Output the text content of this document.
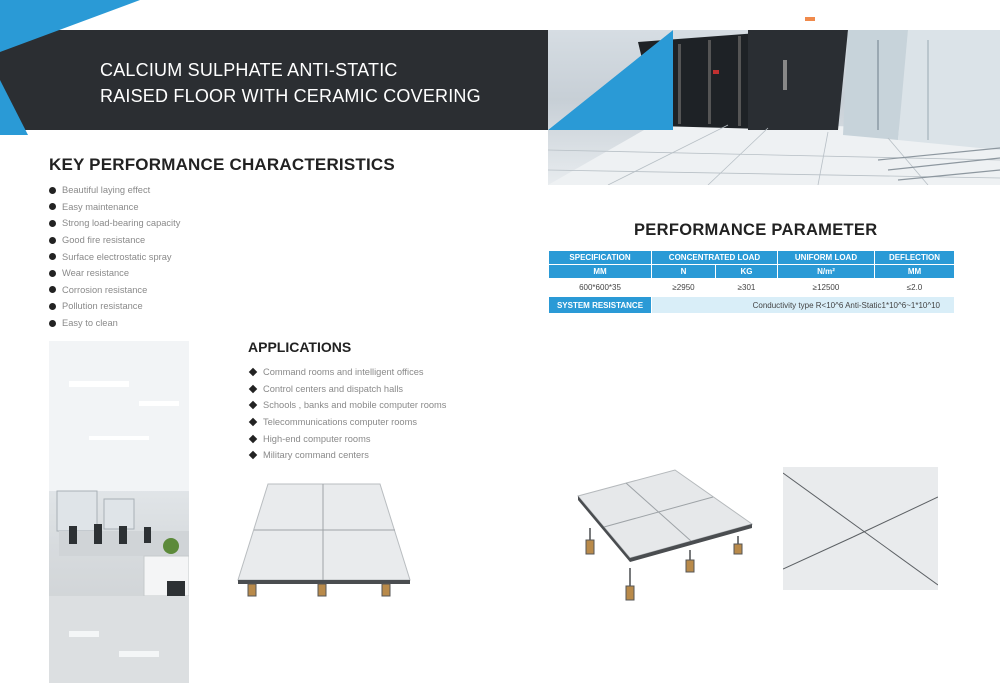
CALCIUM SULPHATE ANTI-STATIC
RAISED FLOOR WITH CERAMIC COVERING
KEY PERFORMANCE CHARACTERISTICS
Beautiful laying effect
Easy maintenance
Strong load-bearing capacity
Good fire resistance
Surface electrostatic spray
Wear resistance
Corrosion resistance
Pollution resistance
Easy to clean
PERFORMANCE PARAMETER
SPECIFICATION	CONCENTRATED LOAD		UNIFORM LOAD	DEFLECTION
MM	N	KG	N/m²	MM
600*600*35	≥2950	≥301	≥12500	≤2.0
SYSTEM RESISTANCE	Conductivity type R<10^6 Anti-Static1*10^6~1*10^10			
APPLICATIONS
Command rooms and intelligent offices
Control centers and dispatch halls
Schools , banks and mobile computer rooms
Telecommunications computer rooms
High-end computer rooms
Military command centers
